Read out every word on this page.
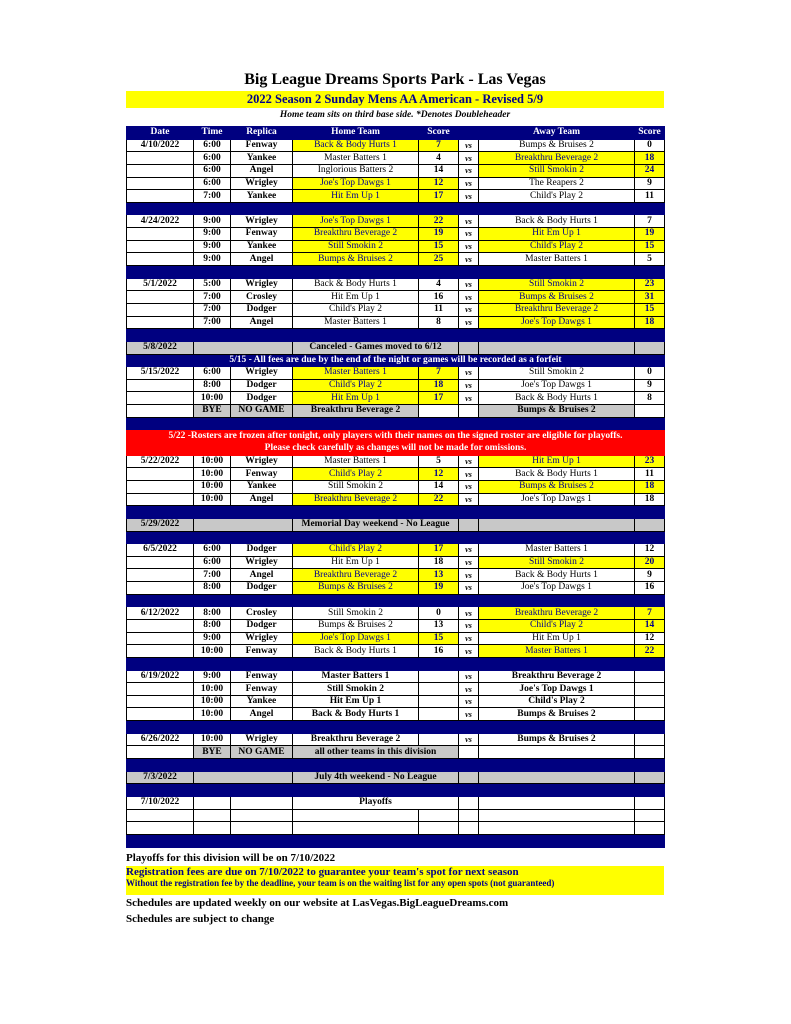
Big League Dreams Sports Park - Las Vegas
2022 Season 2 Sunday Mens AA American - Revised 5/9
Home team sits on third base side. *Denotes Doubleheader
Date	Time	Replica	Home Team	Score		Away Team	Score
4/10/2022	6:00	Fenway	Back & Body Hurts 1	7	vs	Bumps & Bruises 2	0
	6:00	Yankee	Master Batters 1	4	vs	Breakthru Beverage 2	18
	6:00	Angel	Inglorious Batters 2	14	vs	Still Smokin 2	24
	6:00	Wrigley	Joe's Top Dawgs 1	12	vs	The Reapers 2	9
	7:00	Yankee	Hit Em Up 1	17	vs	Child's Play 2	11

4/24/2022	9:00	Wrigley	Joe's Top Dawgs 1	22	vs	Back & Body Hurts 1	7
	9:00	Fenway	Breakthru Beverage 2	19	vs	Hit Em Up 1	19
	9:00	Yankee	Still Smokin 2	15	vs	Child's Play 2	15
	9:00	Angel	Bumps & Bruises 2	25	vs	Master Batters 1	5

5/1/2022	5:00	Wrigley	Back & Body Hurts 1	4	vs	Still Smokin 2	23
	7:00	Crosley	Hit Em Up 1	16	vs	Bumps & Bruises 2	31
	7:00	Dodger	Child's Play 2	11	vs	Breakthru Beverage 2	15
	7:00	Angel	Master Batters 1	8	vs	Joe's Top Dawgs 1	18

5/8/2022			Canceled - Games moved to 6/12				
5/15 - All fees are due by the end of the night or games will be recorded as a forfeit							
5/15/2022	6:00	Wrigley	Master Batters 1	7	vs	Still Smokin 2	0
	8:00	Dodger	Child's Play 2	18	vs	Joe's Top Dawgs 1	9
	10:00	Dodger	Hit Em Up 1	17	vs	Back & Body Hurts 1	8
	BYE	NO GAME	Breakthru Beverage 2			Bumps & Bruises 2	

5/22 -Rosters are frozen after tonight, only players with their names on the signed roster are eligible for playoffs.							
Please check carefully as changes will not be made for omissions.							
5/22/2022	10:00	Wrigley	Master Batters 1	5	vs	Hit Em Up 1	23
	10:00	Fenway	Child's Play 2	12	vs	Back & Body Hurts 1	11
	10:00	Yankee	Still Smokin 2	14	vs	Bumps & Bruises 2	18
	10:00	Angel	Breakthru Beverage 2	22	vs	Joe's Top Dawgs 1	18

5/29/2022			Memorial Day weekend - No League				

6/5/2022	6:00	Dodger	Child's Play 2	17	vs	Master Batters 1	12
	6:00	Wrigley	Hit Em Up 1	18	vs	Still Smokin 2	20
	7:00	Angel	Breakthru Beverage 2	13	vs	Back & Body Hurts 1	9
	8:00	Dodger	Bumps & Bruises 2	19	vs	Joe's Top Dawgs 1	16

6/12/2022	8:00	Crosley	Still Smokin 2	0	vs	Breakthru Beverage 2	7
	8:00	Dodger	Bumps & Bruises 2	13	vs	Child's Play 2	14
	9:00	Wrigley	Joe's Top Dawgs 1	15	vs	Hit Em Up 1	12
	10:00	Fenway	Back & Body Hurts 1	16	vs	Master Batters 1	22

6/19/2022	9:00	Fenway	Master Batters 1		vs	Breakthru Beverage 2	
	10:00	Fenway	Still Smokin 2		vs	Joe's Top Dawgs 1	
	10:00	Yankee	Hit Em Up 1		vs	Child's Play 2	
	10:00	Angel	Back & Body Hurts 1		vs	Bumps & Bruises 2	

6/26/2022	10:00	Wrigley	Breakthru Beverage 2		vs	Bumps & Bruises 2	
	BYE	NO GAME	all other teams in this division				

7/3/2022			July 4th weekend - No League				

7/10/2022			Playoffs				

Playoffs for this division will be on 7/10/2022
Registration fees are due on 7/10/2022 to guarantee your team's spot for next season
Without the registration fee by the deadline, your team is on the waiting list for any open spots (not guaranteed)
Schedules are updated weekly on our website at LasVegas.BigLeagueDreams.com
Schedules are subject to change
